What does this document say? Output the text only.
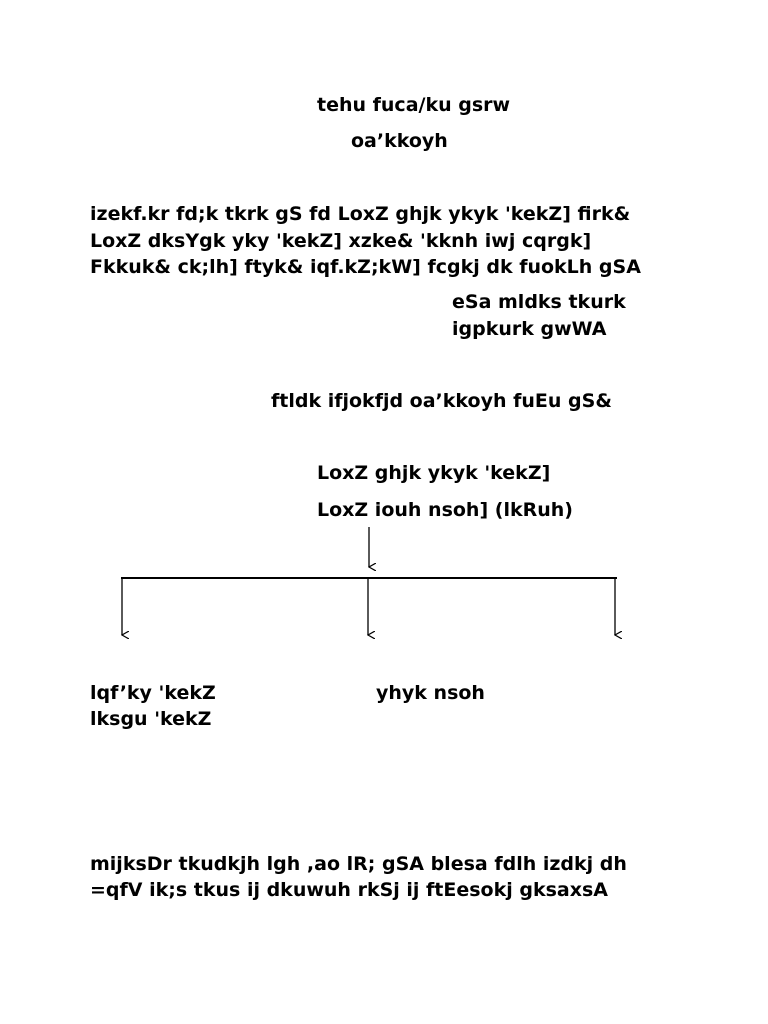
tehu fuca/ku gsrw
oa’kkoyh
izekf.kr fd;k tkrk gS fd LoxZ ghjk ykyk 'kekZ] firk&
LoxZ dksYgk yky 'kekZ] xzke& 'kknh iwj cqrgk]
Fkkuk& ck;lh] ftyk& iqf.kZ;kW] fcgkj dk fuokLh gSA
eSa mldks tkurk
igpkurk gwWA
ftldk ifjokfjd oa’kkoyh fuEu gS&
LoxZ ghjk ykyk 'kekZ]
LoxZ iouh nsoh] (lkRuh)
lqf’ky 'kekZ
lksgu 'kekZ
yhyk nsoh
mijksDr tkudkjh lgh ,ao lR; gSA blesa fdlh izdkj dh
=qfV ik;s tkus ij dkuwuh rkSj ij ftEesokj gksaxsA
